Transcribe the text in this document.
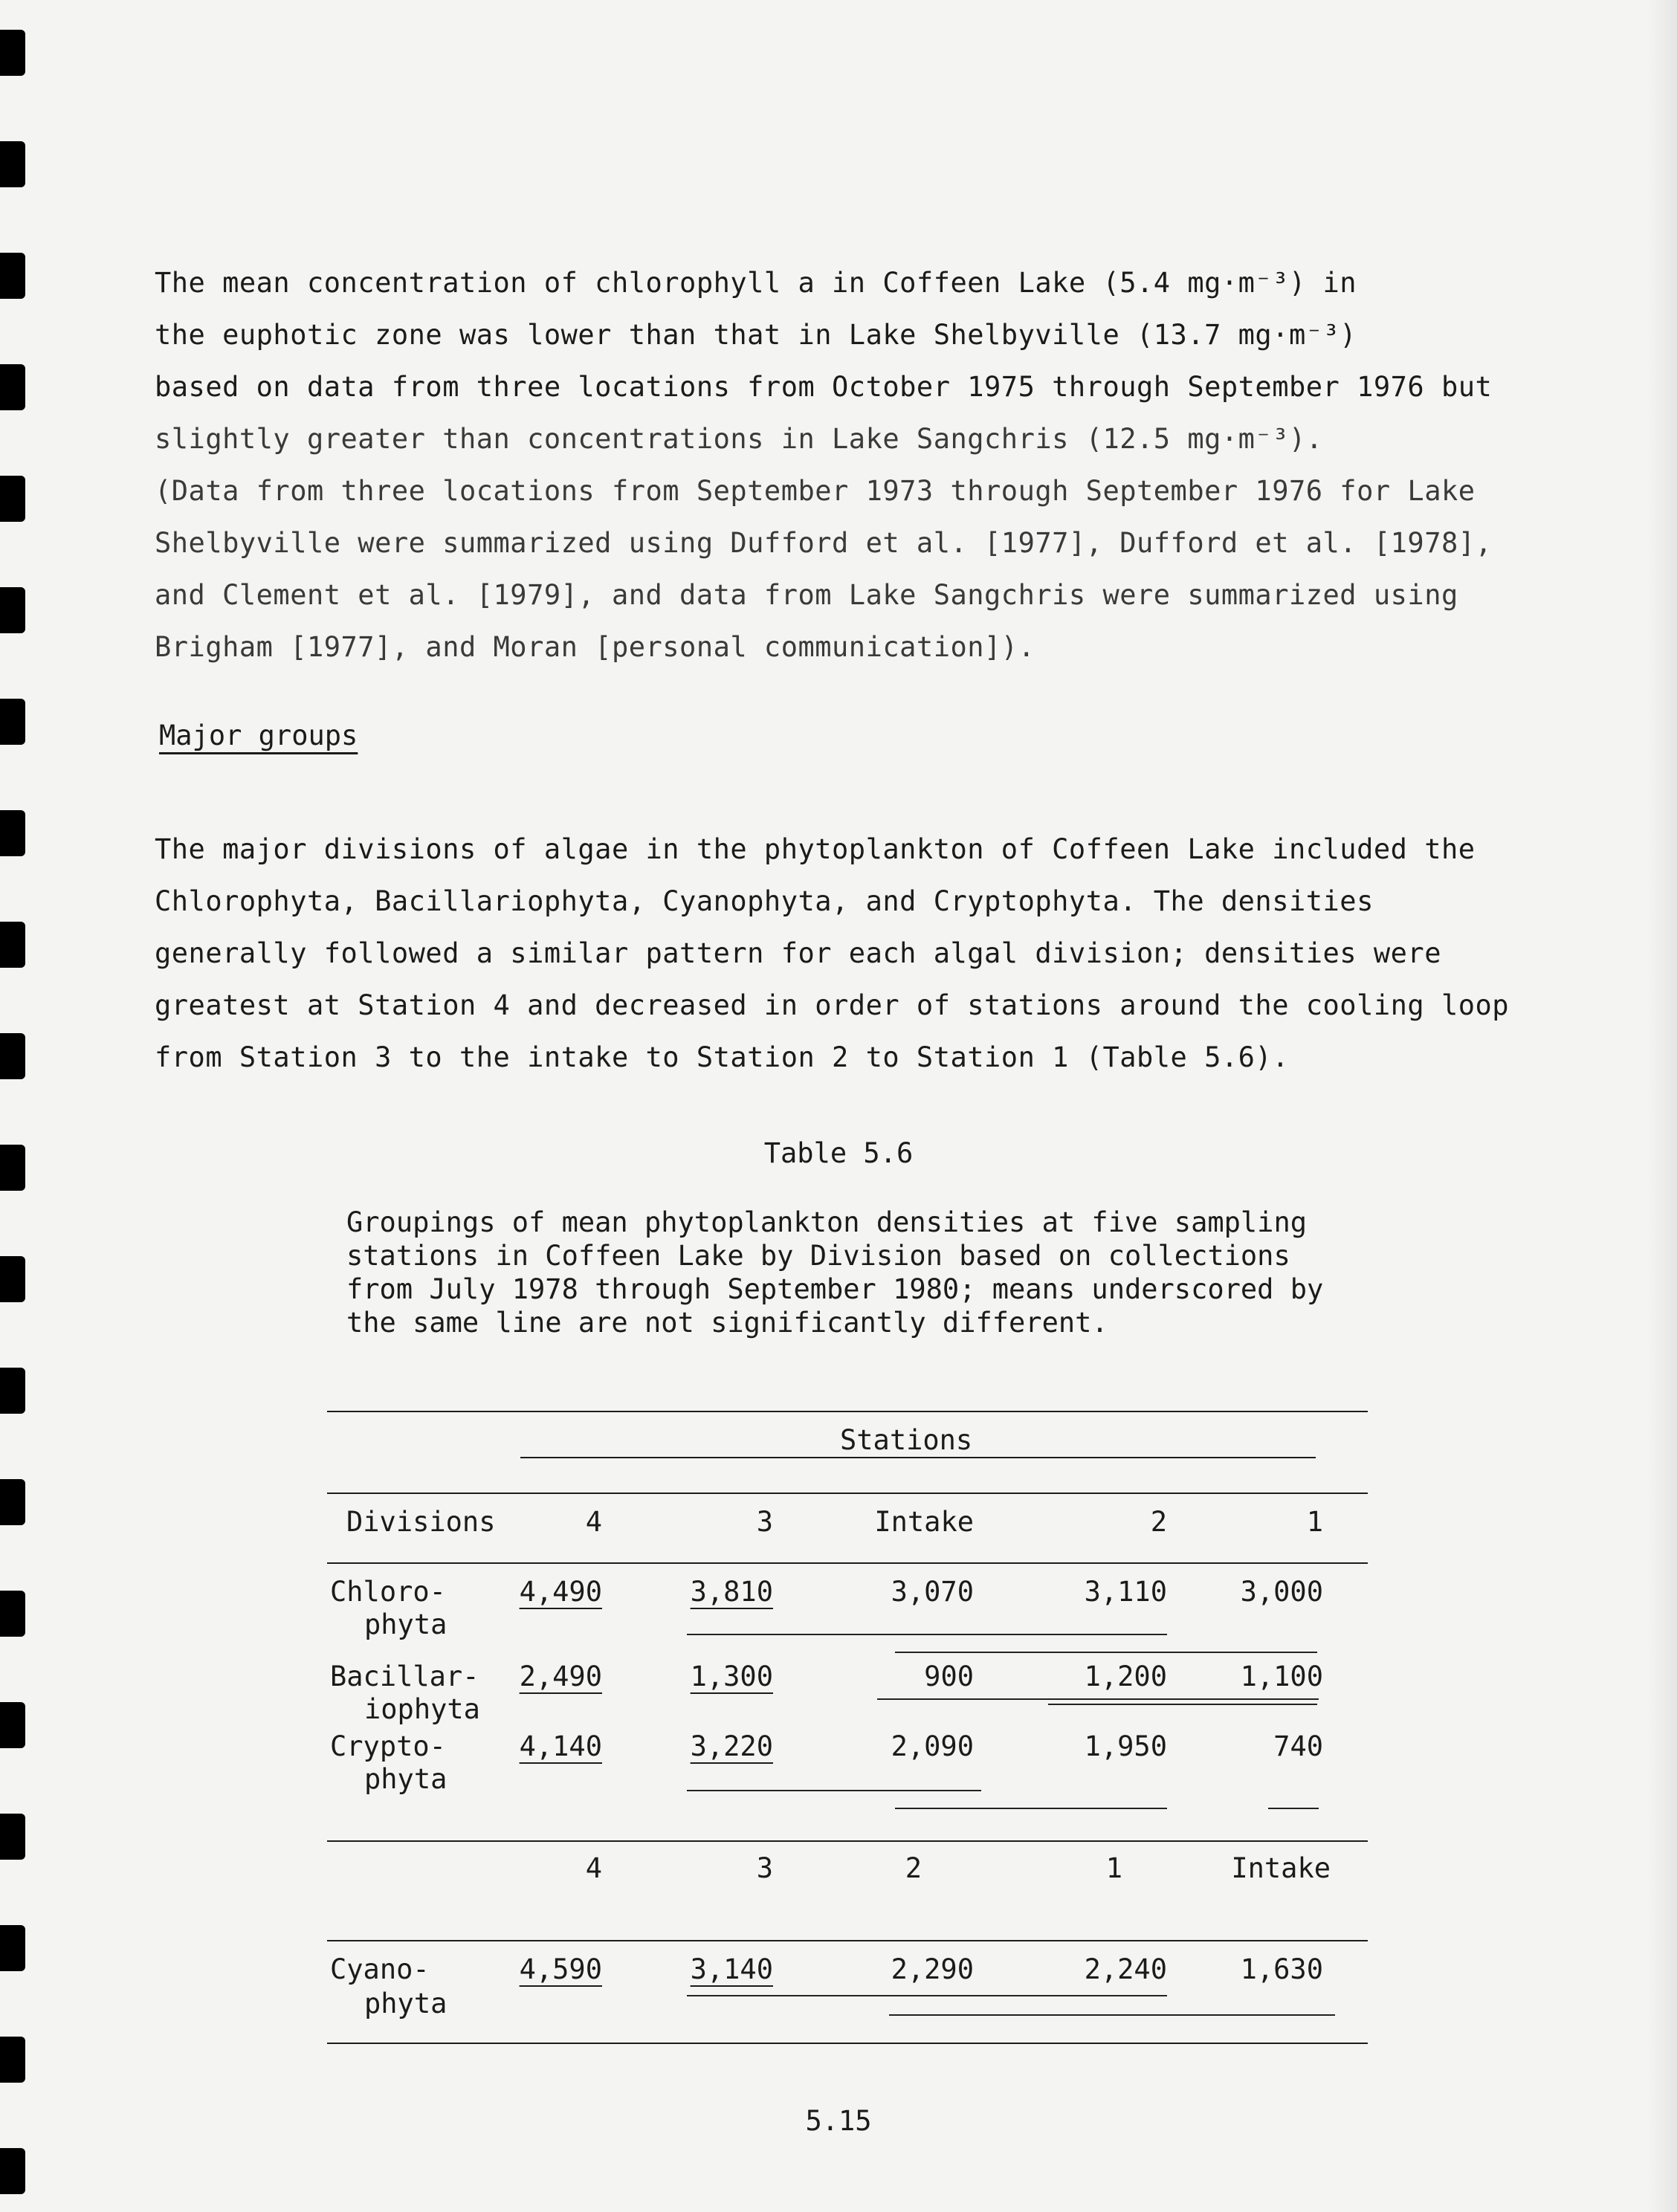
The mean concentration of chlorophyll a in Coffeen Lake (5.4 mg·m⁻³) in

the euphotic zone was lower than that in Lake Shelbyville (13.7 mg·m⁻³)

based on data from three locations from October 1975 through September 1976 but

slightly greater than concentrations in Lake Sangchris (12.5 mg·m⁻³).

(Data from three locations from September 1973 through September 1976 for Lake

Shelbyville were summarized using Dufford et al. [1977], Dufford et al. [1978],

and Clement et al. [1979], and data from Lake Sangchris were summarized using

Brigham [1977], and Moran [personal communication]).

Major groups

The major divisions of algae in the phytoplankton of Coffeen Lake included the

Chlorophyta, Bacillariophyta, Cyanophyta, and Cryptophyta. The densities

generally followed a similar pattern for each algal division; densities were

greatest at Station 4 and decreased in order of stations around the cooling loop

from Station 3 to the intake to Station 2 to Station 1 (Table 5.6).

Table 5.6

Groupings of mean phytoplankton densities at five sampling

stations in Coffeen Lake by Division based on collections

from July 1978 through September 1980; means underscored by

the same line are not significantly different.

Stations
Divisions	4	3	Intake	2	1
Chloro-
phyta
4,490	3,810	3,070	3,110	3,000
Bacillar-
iophyta
2,490	1,300	900	1,200	1,100
Crypto-
phyta
4,140	3,220	2,090	1,950	740
4	3	2	1	Intake
Cyano-
phyta
4,590	3,140	2,290	2,240	1,630
5.15
